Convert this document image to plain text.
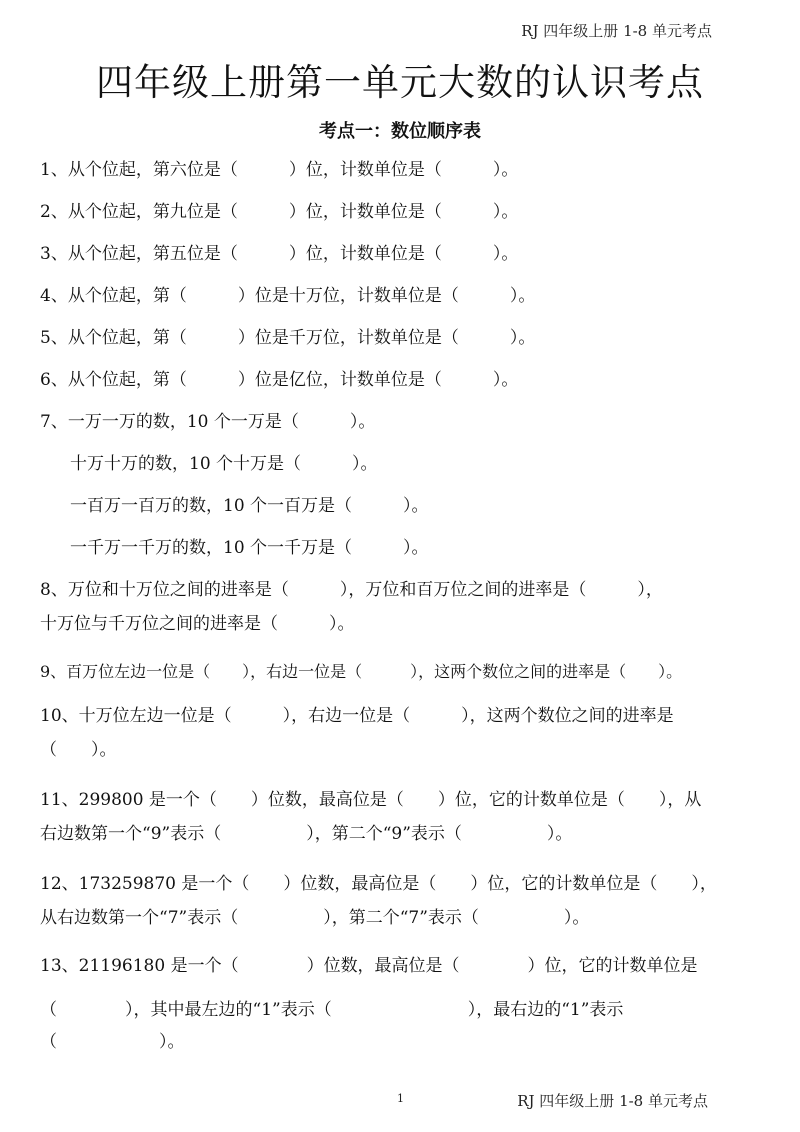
RJ 四年级上册 1-8 单元考点
四年级上册第一单元大数的认识考点
考点一：数位顺序表
1、从个位起，第六位是（　　　）位，计数单位是（　　　）。
2、从个位起，第九位是（　　　）位，计数单位是（　　　）。
3、从个位起，第五位是（　　　）位，计数单位是（　　　）。
4、从个位起，第（　　　）位是十万位，计数单位是（　　　）。
5、从个位起，第（　　　）位是千万位，计数单位是（　　　）。
6、从个位起，第（　　　）位是亿位，计数单位是（　　　）。
7、一万一万的数，10 个一万是（　　　）。
十万十万的数，10 个十万是（　　　）。
一百万一百万的数，10 个一百万是（　　　）。
一千万一千万的数，10 个一千万是（　　　）。
8、万位和十万位之间的进率是（　　　），万位和百万位之间的进率是（　　　），
十万位与千万位之间的进率是（　　　）。
9、百万位左边一位是（　　），右边一位是（　　　），这两个数位之间的进率是（　　）。
10、十万位左边一位是（　　　），右边一位是（　　　），这两个数位之间的进率是
（　　）。
11、299800 是一个（　　）位数，最高位是（　　）位，它的计数单位是（　　），从
右边数第一个“9”表示（　　　　　），第二个“9”表示（　　　　　）。
12、173259870 是一个（　　）位数，最高位是（　　）位，它的计数单位是（　　），
从右边数第一个“7”表示（　　　　　），第二个“7”表示（　　　　　）。
13、21196180 是一个（　　　　）位数，最高位是（　　　　）位，它的计数单位是
（　　　　），其中最左边的“1”表示（　　　　　　　　），最右边的“1”表示
（　　　　　　）。
1	RJ 四年级上册 1-8 单元考点
